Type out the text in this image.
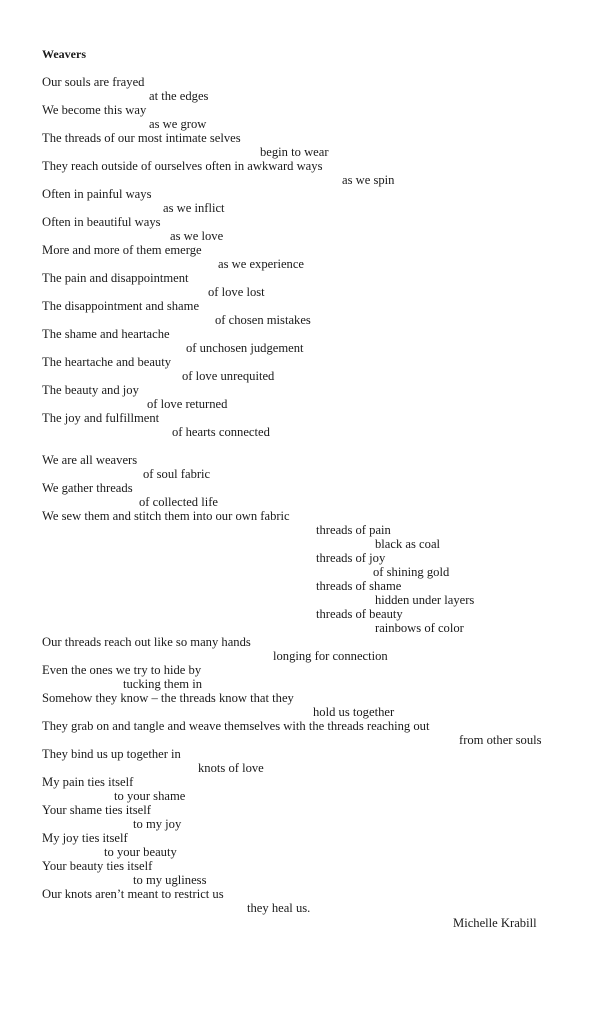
Weavers
Our souls are frayed
at the edges
We become this way
as we grow
The threads of our most intimate selves
begin to wear
They reach outside of ourselves often in awkward ways
as we spin
Often in painful ways
as we inflict
Often in beautiful ways
as we love
More and more of them emerge
as we experience
The pain and disappointment
of love lost
The disappointment and shame
of chosen mistakes
The shame and heartache
of unchosen judgement
The heartache and beauty
of love unrequited
The beauty and joy
of love returned
The joy and fulfillment
of hearts connected
We are all weavers
of soul fabric
We gather threads
of collected life
We sew them and stitch them into our own fabric
threads of pain
black as coal
threads of joy
of shining gold
threads of shame
hidden under layers
threads of beauty
rainbows of color
Our threads reach out like so many hands
longing for connection
Even the ones we try to hide by
tucking them in
Somehow they know – the threads know that they
hold us together
They grab on and tangle and weave themselves with the threads reaching out
from other souls
They bind us up together in
knots of love
My pain ties itself
to your shame
Your shame ties itself
to my joy
My joy ties itself
to your beauty
Your beauty ties itself
to my ugliness
Our knots aren’t meant to restrict us
they heal us.
Michelle Krabill
